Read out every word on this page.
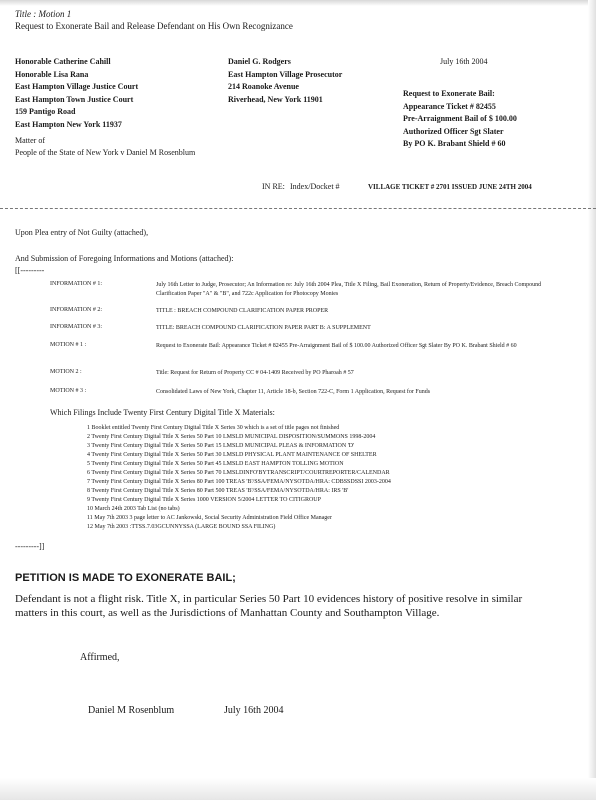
Title : Motion 1
Request to Exonerate Bail and Release Defendant on His Own Recognizance
Honorable Catherine Cahill
Honorable Lisa Rana
East Hampton Village Justice Court
East Hampton Town Justice Court
159 Pantigo Road
East Hampton New York 11937
Daniel G. Rodgers
East Hampton Village Prosecutor
214 Roanoke Avenue
Riverhead, New York 11901
July 16th 2004
Request to Exonerate Bail:
Appearance Ticket # 82455
Pre-Arraignment Bail of $ 100.00
Authorized Officer Sgt Slater
By PO K. Brabant Shield # 60
Matter of
People of the State of New York v Daniel M Rosenblum
IN RE: Index/Docket #	VILLAGE TICKET # 2701 ISSUED JUNE 24TH 2004
Upon Plea entry of Not Guilty (attached),
And Submission of Foregoing Informations and Motions (attached):
[[---------
INFORMATION # 1:	July 16th Letter to Judge, Prosecutor; An Information re: July 16th 2004 Plea, Title X Filing, Bail Exoneration, Return of Property/Evidence, Breach Compound Clarification Paper "A" & "B", and 722c Application for Photocopy Monies
INFORMATION # 2:	TITLE : BREACH COMPOUND CLARIFICATION PAPER PROPER
INFORMATION # 3:	TITLE: BREACH COMPOUND CLARIFICATION PAPER PART B: A SUPPLEMENT
MOTION # 1 :	Request to Exonerate Bail: Appearance Ticket # 82455 Pre-Arraignment Bail of $ 100.00 Authorized Officer Sgt Slater By PO K. Brabant Shield # 60
MOTION 2 :	Title: Request for Return of Property CC # 04-1409 Received by PO Pharoah # 57
MOTION # 3 :	Consolidated Laws of New York, Chapter 11, Article 18-b, Section 722-C, Form 1 Application, Request for Funds
Which Filings Include Twenty First Century Digital Title X Materials:
1 Booklet entitled Twenty First Century Digital Title X Series 30 which is a set of title pages not finished
2 Twenty First Century Digital Title X Series 50 Part 10 LMSLD MUNICIPAL DISPOSITION/SUMMONS 1998-2004
3 Twenty First Century Digital Title X Series 50 Part 15 LMSLD MUNICIPAL PLEAS & INFORMATION 'D'
4 Twenty First Century Digital Title X Series 50 Part 30 LMSLD PHYSICAL PLANT MAINTENANCE OF SHELTER
5 Twenty First Century Digital Title X Series 50 Part 45 LMSLD EAST HAMPTON TOLLING MOTION
6 Twenty First Century Digital Title X Series 50 Part 70 LMSLDINFO'BYTRANSCRIPT/COURTREPORTER/CALENDAR
7 Twenty First Century Digital Title X Series 80 Part 100 TREAS 'B'/SSA/FEMA/NYSOTDA/HRA: CDBSSDSSI 2003-2004
8 Twenty First Century Digital Title X Series 80 Part 500 TREAS 'B'/SSA/FEMA/NYSOTDA/HRA: IRS 'B'
9 Twenty First Century Digital Title X Series 1000 VERSION 5/2004 LETTER TO CITIGROUP
10 March 24th 2003 Tab List (no tabs)
11 May 7th 2003 3 page letter to AC Jankowski, Social Security Administration Field Office Manager
12 May 7th 2003 :TTSS.7.03GCUNNYSSA (LARGE BOUND SSA FILING)
---------]]
PETITION IS MADE TO EXONERATE BAIL;
Defendant is not a flight risk. Title X, in particular Series 50 Part 10 evidences history of positive resolve in similar matters in this court, as well as the Jurisdictions of Manhattan County and Southampton Village.
Affirmed,
Daniel M Rosenblum	July 16th 2004
